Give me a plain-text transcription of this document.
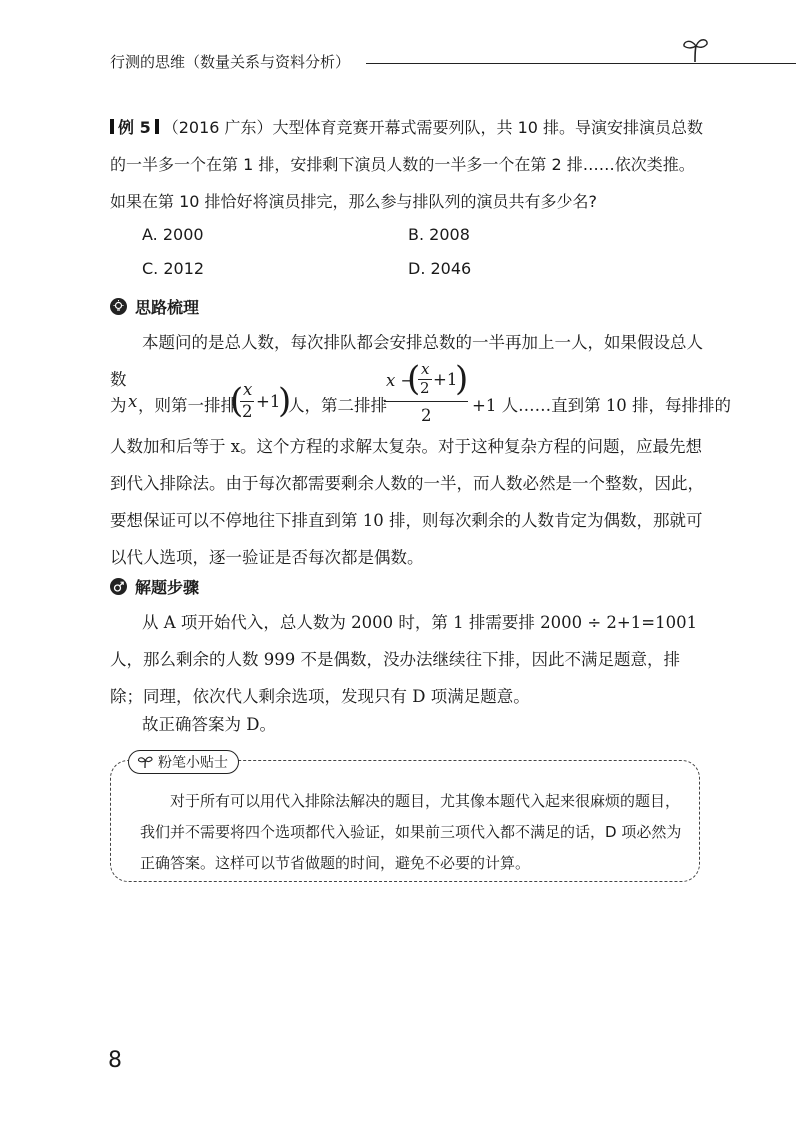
行测的思维（数量关系与资料分析）

例 5 （2016 广东）大型体育竞赛开幕式需要列队，共 10 排。导演安排演员总数的一半多一个在第 1 排，安排剩下演员人数的一半多一个在第 2 排……依次类推。如果在第 10 排恰好将演员排完，那么参与排队列的演员共有多少名?

A. 2000	B. 2008
C. 2012	D. 2046
思路梳理

本题问的是总人数，每次排队都会安排总数的一半再加上一人，如果假设总人数

为 x ，则第一排排
( x
2
+1
)
人，第二排排
x −
( x
2 +1
)
2
+1 人……直到第 10 排，每排排的

人数加和后等于 x。这个方程的求解太复杂。对于这种复杂方程的问题，应最先想到代入排除法。由于每次都需要剩余人数的一半，而人数必然是一个整数，因此，要想保证可以不停地往下排直到第 10 排，则每次剩余的人数肯定为偶数，那就可以代人选项，逐一验证是否每次都是偶数。

解题步骤

从 A 项开始代入，总人数为 2000 时，第 1 排需要排 2000 ÷ 2+1=1001 人，那么剩余的人数 999 不是偶数，没办法继续往下排，因此不满足题意，排除；同理，依次代人剩余选项，发现只有 D 项满足题意。

故正确答案为 D。

粉笔小贴士
对于所有可以用代入排除法解决的题目，尤其像本题代入起来很麻烦的题目，
我们并不需要将四个选项都代入验证，如果前三项代入都不满足的话，D 项必然为
正确答案。这样可以节省做题的时间，避免不必要的计算。
8
